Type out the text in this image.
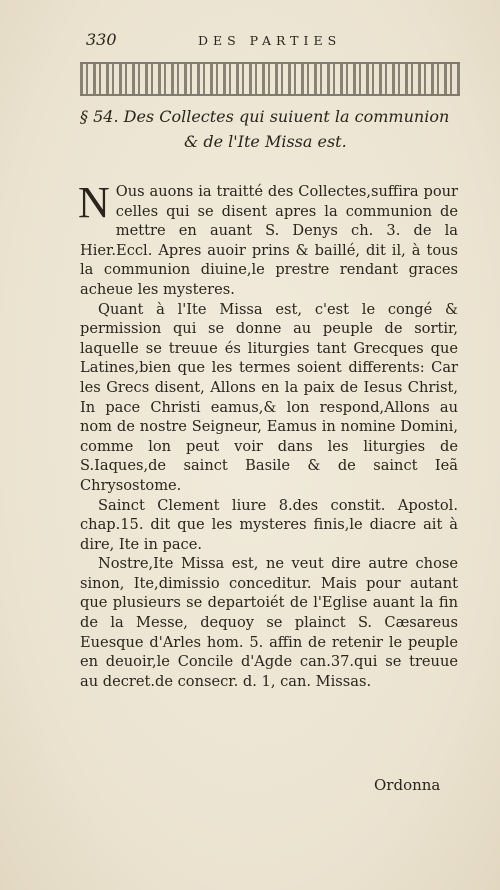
330	DES PARTIES
§ 54. Des Collectes qui suiuent la communion
& de l'Ite Missa est.

N Ous auons ia traitté des Collectes,suffira pour celles qui se disent apres la communion de mettre en auant S. Denys ch. 3. de la Hier.Eccl. Apres auoir prins & baillé, dit il, à tous la communion diuine,le prestre rendant graces acheue les mysteres.

Quant à l'Ite Missa est, c'est le congé & permission qui se donne au peuple de sortir, laquelle se treuue és liturgies tant Grecques que Latines,bien que les termes soient differents: Car les Grecs disent, Allons en la paix de Iesus Christ, In pace Christi eamus,& lon respond,Allons au nom de nostre Seigneur, Eamus in nomine Domini, comme lon peut voir dans les liturgies de S.Iaques,de sainct Basile & de sainct Ieã Chrysostome.

Sainct Clement liure 8.des constit. Apostol. chap.15. dit que les mysteres finis,le diacre ait à dire, Ite in pace.

Nostre,Ite Missa est, ne veut dire autre chose sinon, Ite,dimissio conceditur. Mais pour autant que plusieurs se departoiét de l'Eglise auant la fin de la Messe, dequoy se plainct S. Cæsareus Euesque d'Arles hom. 5. affin de retenir le peuple en deuoir,le Concile d'Agde can.37.qui se treuue au decret.de consecr. d. 1, can. Missas.

Ordonna
